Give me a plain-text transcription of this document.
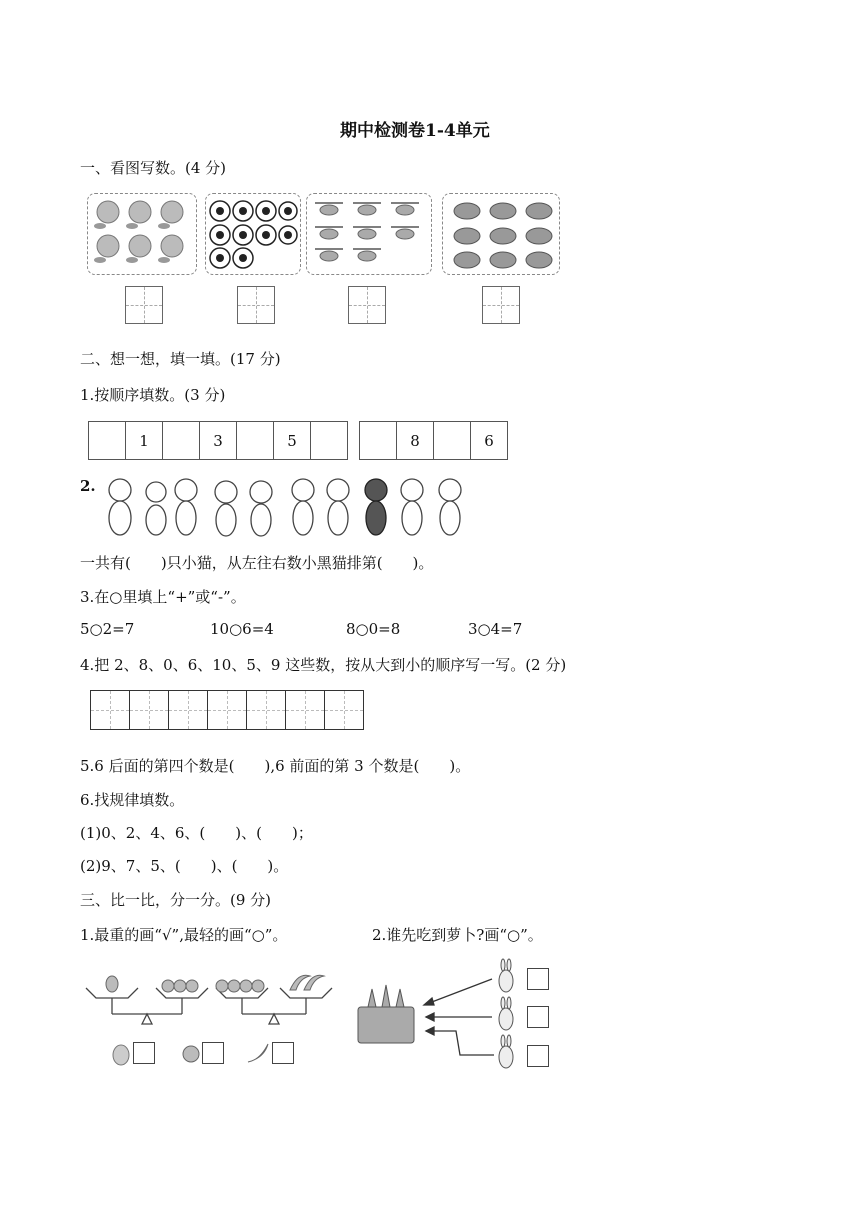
期中检测卷1-4单元
一、看图写数。(4 分)
二、想一想，填一填。(17 分)
1.按顺序填数。(3 分)
1	3	5	8	6
2.
一共有(　　)只小猫，从左往右数小黑猫排第(　　)。
3.在○里填上“+”或“-”。
5○2=7	10○6=4	8○0=8	3○4=7
4.把 2、8、0、6、10、5、9 这些数，按从大到小的顺序写一写。(2 分)
5.6 后面的第四个数是(　　),6 前面的第 3 个数是(　　)。
6.找规律填数。
(1)0、2、4、6、(　　)、(　　)；
(2)9、7、5、(　　)、(　　)。
三、比一比，分一分。(9 分)
1.最重的画“√”,最轻的画“○”。	2.谁先吃到萝卜?画“○”。
